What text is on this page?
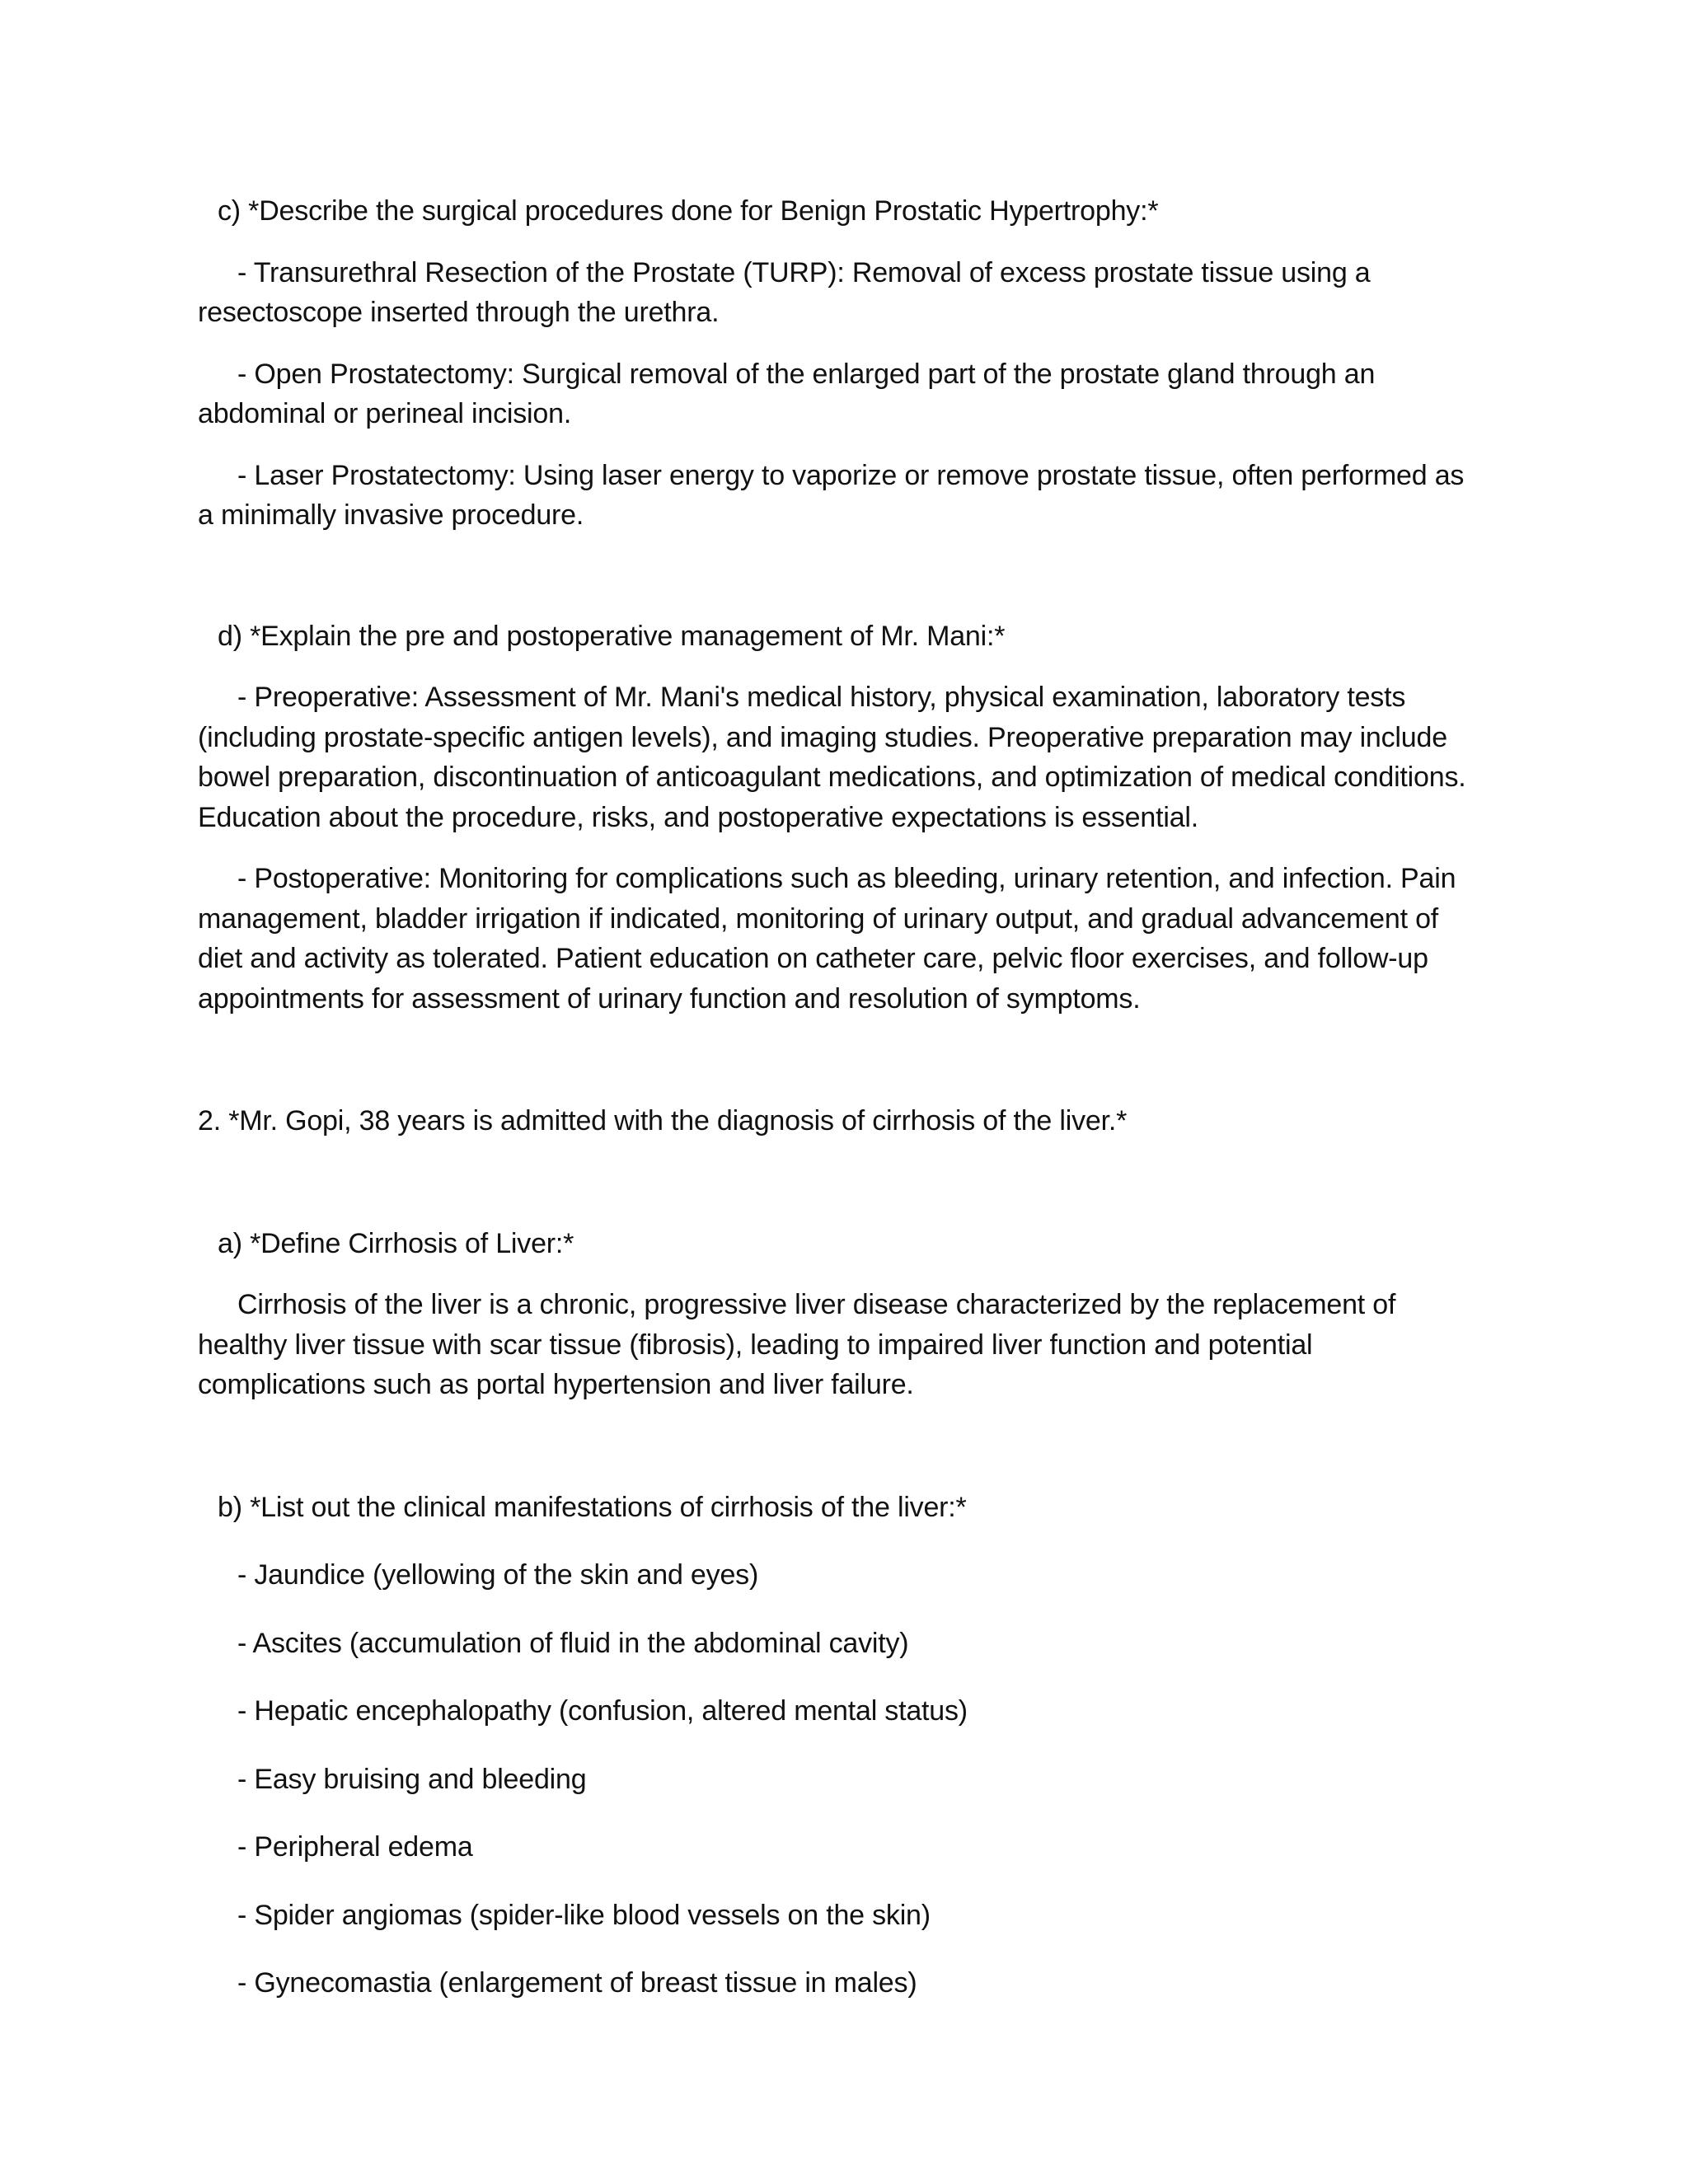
c) *Describe the surgical procedures done for Benign Prostatic Hypertrophy:*

- Transurethral Resection of the Prostate (TURP): Removal of excess prostate tissue using a resectoscope inserted through the urethra.

- Open Prostatectomy: Surgical removal of the enlarged part of the prostate gland through an abdominal or perineal incision.

- Laser Prostatectomy: Using laser energy to vaporize or remove prostate tissue, often performed as a minimally invasive procedure.

d) *Explain the pre and postoperative management of Mr. Mani:*

- Preoperative: Assessment of Mr. Mani's medical history, physical examination, laboratory tests (including prostate-specific antigen levels), and imaging studies. Preoperative preparation may include bowel preparation, discontinuation of anticoagulant medications, and optimization of medical conditions. Education about the procedure, risks, and postoperative expectations is essential.

- Postoperative: Monitoring for complications such as bleeding, urinary retention, and infection. Pain management, bladder irrigation if indicated, monitoring of urinary output, and gradual advancement of diet and activity as tolerated. Patient education on catheter care, pelvic floor exercises, and follow-up appointments for assessment of urinary function and resolution of symptoms.

2. *Mr. Gopi, 38 years is admitted with the diagnosis of cirrhosis of the liver.*

a) *Define Cirrhosis of Liver:*

Cirrhosis of the liver is a chronic, progressive liver disease characterized by the replacement of healthy liver tissue with scar tissue (fibrosis), leading to impaired liver function and potential complications such as portal hypertension and liver failure.

b) *List out the clinical manifestations of cirrhosis of the liver:*

- Jaundice (yellowing of the skin and eyes)

- Ascites (accumulation of fluid in the abdominal cavity)

- Hepatic encephalopathy (confusion, altered mental status)

- Easy bruising and bleeding

- Peripheral edema

- Spider angiomas (spider-like blood vessels on the skin)

- Gynecomastia (enlargement of breast tissue in males)
